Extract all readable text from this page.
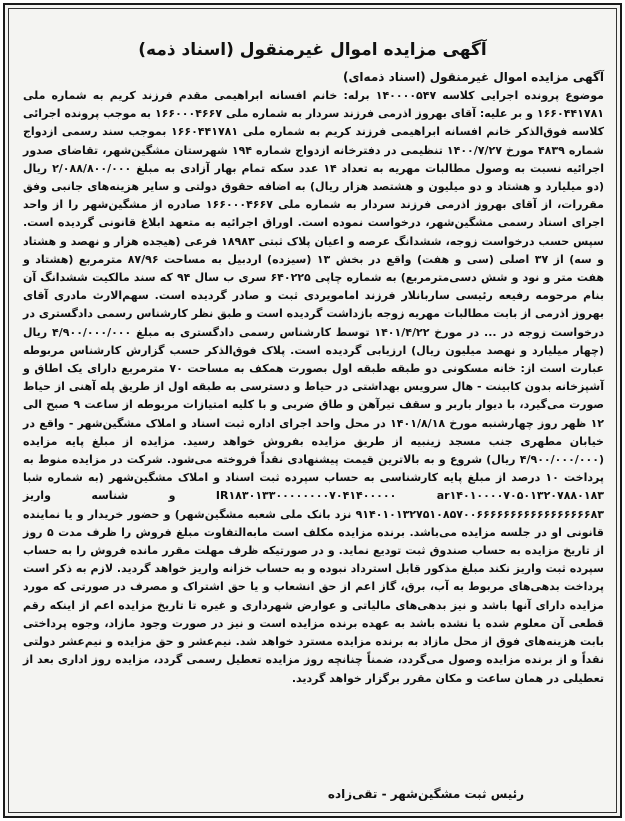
آگهی مزایده اموال غیرمنقول (اسناد ذمه)
آگهی مزایده اموال غیرمنقول (اسناد ذمه‌ای)
موضوع پرونده اجرایی کلاسه ۱۴۰۰۰۰۵۴۷ برله: خانم افسانه ابراهیمی مقدم فرزند کریم به شماره ملی ۱۶۶۰۴۴۱۷۸۱ و بر علیه: آقای بهروز اذرمی فرزند سردار به شماره ملی ۱۶۶۰۰۰۴۶۶۷ به موجب پرونده اجرائی کلاسه فوق‌الذکر خانم افسانه ابراهیمی فرزند کریم به شماره ملی ۱۶۶۰۴۴۱۷۸۱ بموجب سند رسمی ازدواج شماره ۴۸۳۹ مورخ ۱۴۰۰/۷/۲۷ تنظیمی در دفترخانه ازدواج شماره ۱۹۴ شهرستان مشگین‌شهر، تقاضای صدور اجرائیه نسبت به وصول مطالبات مهریه به تعداد ۱۴ عدد سکه تمام بهار آزادی به مبلغ ۲/۰۸۸/۸۰۰/۰۰۰ ریال (دو میلیارد و هشتاد و دو میلیون و هشتصد هزار ریال) به اضافه حقوق دولتی و سایر هزینه‌های جانبی وفق مقررات، از آقای بهروز اذرمی فرزند سردار به شماره ملی ۱۶۶۰۰۰۴۶۶۷ صادره از مشگین‌شهر را از واحد اجرای اسناد رسمی مشگین‌شهر، درخواست نموده است. اوراق اجرائیه به متعهد ابلاغ قانونی گردیده است. سپس حسب درخواست زوجه، ششدانگ عرصه و اعیان پلاک ثبتی ۱۸۹۸۳ فرعی (هیجده هزار و نهصد و هشتاد و سه) از ۳۷ اصلی (سی و هفت) واقع در بخش ۱۳ (سیزده) اردبیل به مساحت ۸۷/۹۶ مترمربع (هشتاد و هفت متر و نود و شش دسی‌مترمربع) به شماره چاپی ۶۴۰۲۲۵ سری ب سال ۹۴ که سند مالکیت ششدانگ آن بنام مرحومه رفیعه رئیسی ساربانلار فرزند امامویردی ثبت و صادر گردیده است. سهم‌الارث مادری آقای بهروز اذرمی از بابت مطالبات مهریه زوجه بازداشت گردیده است و طبق نظر کارشناس رسمی دادگستری در درخواست زوجه در ... در مورخ ۱۴۰۱/۴/۲۲ توسط کارشناس رسمی دادگستری به مبلغ ۴/۹۰۰/۰۰۰/۰۰۰ ریال (چهار میلیارد و نهصد میلیون ریال) ارزیابی گردیده است. پلاک فوق‌الذکر حسب گزارش کارشناس مربوطه عبارت است از: خانه مسکونی دو طبقه طبقه اول بصورت همکف به مساحت ۷۰ مترمربع دارای یک اطاق و آشپزخانه بدون کابینت - هال سرویس بهداشتی در حیاط و دسترسی به طبقه اول از طریق پله آهنی از حیاط صورت می‌گیرد، با دیوار باربر و سقف تیرآهن و طاق ضربی و با کلیه امتیازات مربوطه از ساعت ۹ صبح الی ۱۲ ظهر روز چهارشنبه مورخ ۱۴۰۱/۸/۱۸ در محل واحد اجرای اداره ثبت اسناد و املاک مشگین‌شهر - واقع در خیابان مطهری جنب مسجد زینبیه از طریق مزایده بفروش خواهد رسید. مزایده از مبلغ پایه مزایده (۴/۹۰۰/۰۰۰/۰۰۰ ریال) شروع و به بالاترین قیمت پیشنهادی نقداً فروخته می‌شود. شرکت در مزایده منوط به پرداخت ۱۰ درصد از مبلغ پایه کارشناسی به حساب سپرده ثبت اسناد و املاک مشگین‌شهر (به شماره شبا IR۱۸۳۰۱۳۳۰۰۰۰۰۰۰۰۷۰۴۱۴۰۰۰۰۰ ar۱۴۰۱۰۰۰۰۷۰۵۰۱۳۲۰۷۸۸۰۱۸۳ و شناسه واریز ۹۱۴۰۱۰۱۳۲۷۵۱۰۸۵۷۰۰۶۶۶۶۶۶۶۶۶۶۶۶۶۶۶۶۶۸۳ نزد بانک ملی شعبه مشگین‌شهر) و حضور خریدار و یا نماینده قانونی او در جلسه مزایده می‌باشد. برنده مزایده مکلف است مابه‌التفاوت مبلغ فروش را ظرف مدت ۵ روز از تاریخ مزایده به حساب صندوق ثبت تودیع نماید. و در صورتیکه ظرف مهلت مقرر مانده فروش را به حساب سپرده ثبت واریز نکند مبلغ مذکور قابل استرداد نبوده و به حساب خزانه واریز خواهد گردید. لازم به ذکر است پرداخت بدهی‌های مربوط به آب، برق، گاز اعم از حق انشعاب و یا حق اشتراک و مصرف در صورتی که مورد مزایده دارای آنها باشد و نیز بدهی‌های مالیاتی و عوارض شهرداری و غیره تا تاریخ مزایده اعم از اینکه رقم قطعی آن معلوم شده یا نشده باشد به عهده برنده مزایده است و نیز در صورت وجود مازاد، وجوه پرداختی بابت هزینه‌های فوق از محل مازاد به برنده مزایده مسترد خواهد شد. نیم‌عشر و حق مزایده و نیم‌عشر دولتی نقداً و از برنده مزایده وصول می‌گردد، ضمناً چنانچه روز مزایده تعطیل رسمی گردد، مزایده روز اداری بعد از تعطیلی در همان ساعت و مکان مقرر برگزار خواهد گردید.
رئیس ثبت مشگین‌شهر - تقی‌زاده
